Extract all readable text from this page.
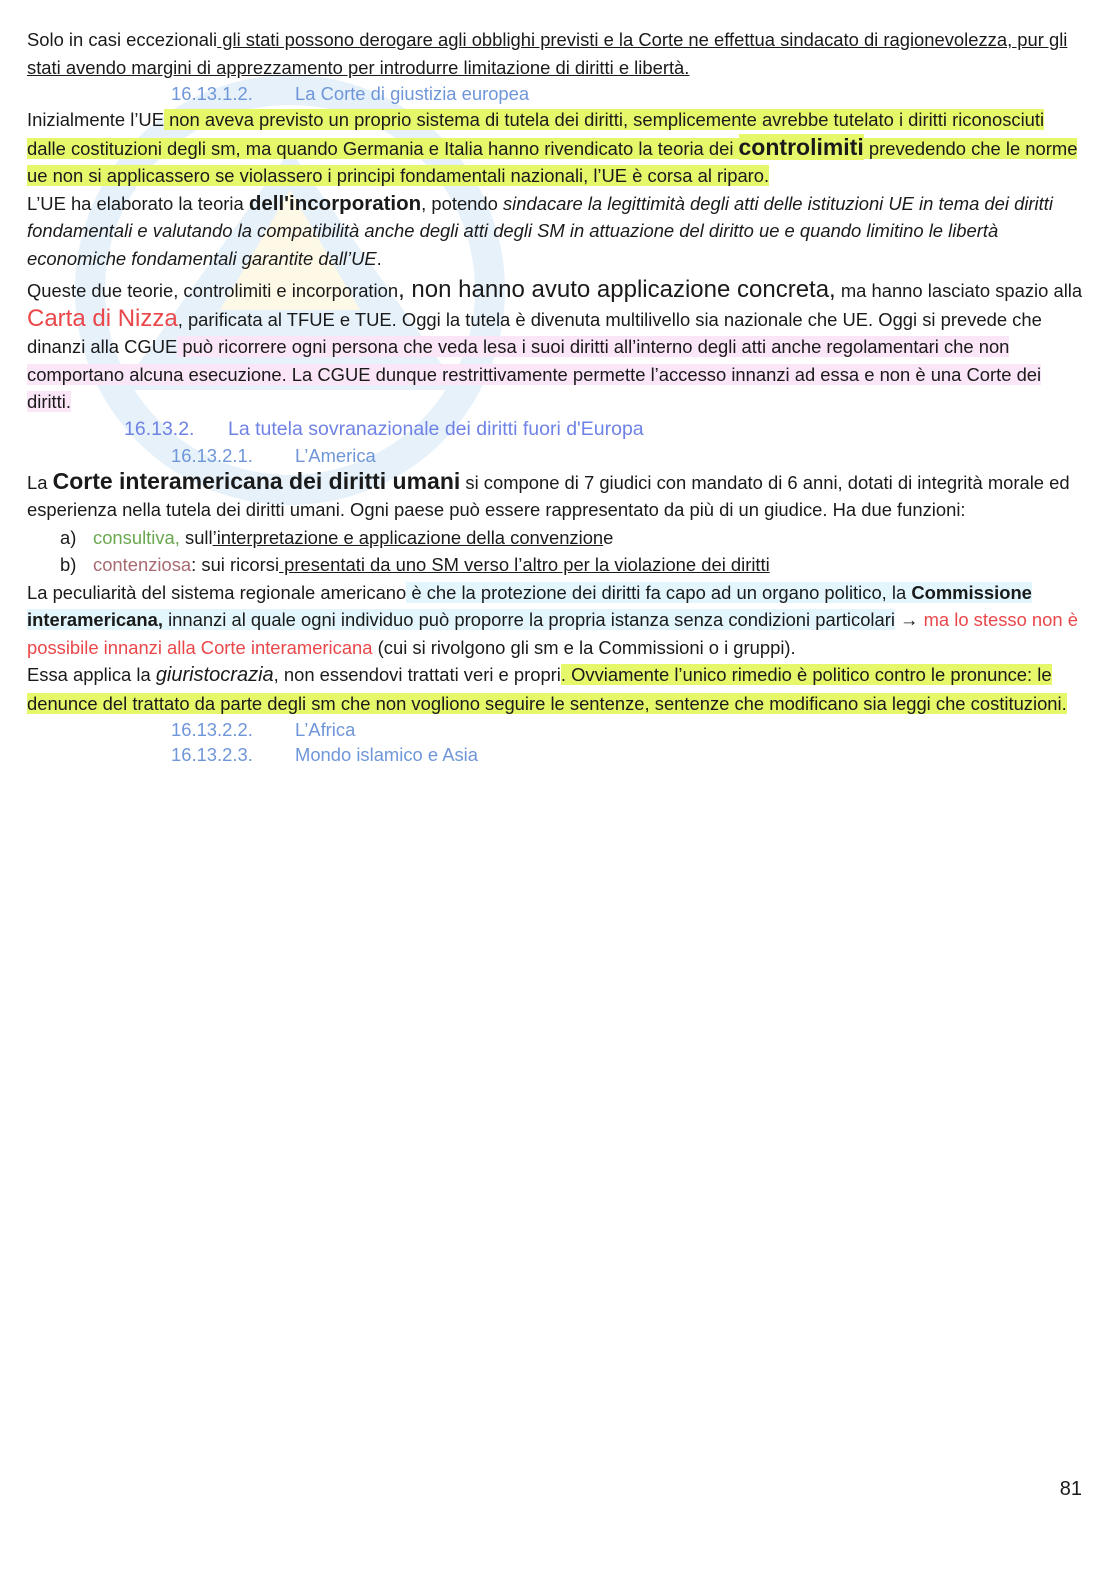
Solo in casi eccezionali gli stati possono derogare agli obblighi previsti e la Corte ne effettua sindacato di ragionevolezza, pur gli stati avendo margini di apprezzamento per introdurre limitazione di diritti e libertà.

16.13.1.2. La Corte di giustizia europea

Inizialmente l’UE non aveva previsto un proprio sistema di tutela dei diritti, semplicemente avrebbe tutelato i diritti riconosciuti dalle costituzioni degli sm, ma quando Germania e Italia hanno rivendicato la teoria dei controlimiti prevedendo che le norme ue non si applicassero se violassero i principi fondamentali nazionali, l’UE è corsa al riparo.

L’UE ha elaborato la teoria dell'incorporation, potendo sindacare la legittimità degli atti delle istituzioni UE in tema dei diritti fondamentali e valutando la compatibilità anche degli atti degli SM in attuazione del diritto ue e quando limitino le libertà economiche fondamentali garantite dall’UE.

Queste due teorie, controlimiti e incorporation, non hanno avuto applicazione concreta, ma hanno lasciato spazio alla Carta di Nizza, parificata al TFUE e TUE. Oggi la tutela è divenuta multilivello sia nazionale che UE. Oggi si prevede che dinanzi alla CGUE può ricorrere ogni persona che veda lesa i suoi diritti all’interno degli atti anche regolamentari che non comportano alcuna esecuzione. La CGUE dunque restrittivamente permette l’accesso innanzi ad essa e non è una Corte dei diritti.

16.13.2. La tutela sovranazionale dei diritti fuori d'Europa
16.13.2.1. L’America

La Corte interamericana dei diritti umani si compone di 7 giudici con mandato di 6 anni, dotati di integrità morale ed esperienza nella tutela dei diritti umani. Ogni paese può essere rappresentato da più di un giudice. Ha due funzioni:

a) consultiva, sull’interpretazione e applicazione della convenzione
b) contenziosa: sui ricorsi presentati da uno SM verso l’altro per la violazione dei diritti

La peculiarità del sistema regionale americano è che la protezione dei diritti fa capo ad un organo politico, la Commissione interamericana, innanzi al quale ogni individuo può proporre la propria istanza senza condizioni particolari → ma lo stesso non è possibile innanzi alla Corte interamericana (cui si rivolgono gli sm e la Commissioni o i gruppi).

Essa applica la giuristocrazia, non essendovi trattati veri e propri. Ovviamente l’unico rimedio è politico contro le pronunce: le denunce del trattato da parte degli sm che non vogliono seguire le sentenze, sentenze che modificano sia leggi che costituzioni.

16.13.2.2. L’Africa
16.13.2.3. Mondo islamico e Asia
81
